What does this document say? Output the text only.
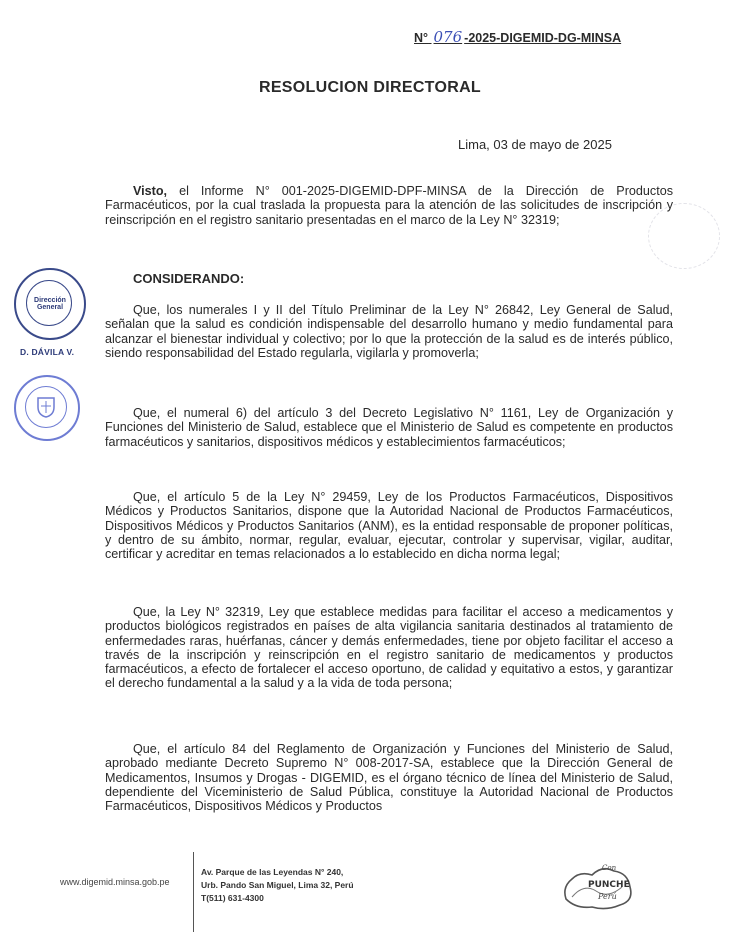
N° 076 -2025-DIGEMID-DG-MINSA
RESOLUCION DIRECTORAL
Lima, 03 de mayo de 2025

Visto, el Informe N° 001-2025-DIGEMID-DPF-MINSA de la Dirección de Productos Farmacéuticos, por la cual traslada la propuesta para la atención de las solicitudes de inscripción y reinscripción en el registro sanitario presentadas en el marco de la Ley N° 32319;

CONSIDERANDO:

Que, los numerales I y II del Título Preliminar de la Ley N° 26842, Ley General de Salud, señalan que la salud es condición indispensable del desarrollo humano y medio fundamental para alcanzar el bienestar individual y colectivo; por lo que la protección de la salud es de interés público, siendo responsabilidad del Estado regularla, vigilarla y promoverla;

Que, el numeral 6) del artículo 3 del Decreto Legislativo N° 1161, Ley de Organización y Funciones del Ministerio de Salud, establece que el Ministerio de Salud es competente en productos farmacéuticos y sanitarios, dispositivos médicos y establecimientos farmacéuticos;

Que, el artículo 5 de la Ley N° 29459, Ley de los Productos Farmacéuticos, Dispositivos Médicos y Productos Sanitarios, dispone que la Autoridad Nacional de Productos Farmacéuticos, Dispositivos Médicos y Productos Sanitarios (ANM), es la entidad responsable de proponer políticas, y dentro de su ámbito, normar, regular, evaluar, ejecutar, controlar y supervisar, vigilar, auditar, certificar y acreditar en temas relacionados a lo establecido en dicha norma legal;

Que, la Ley N° 32319, Ley que establece medidas para facilitar el acceso a medicamentos y productos biológicos registrados en países de alta vigilancia sanitaria destinados al tratamiento de enfermedades raras, huérfanas, cáncer y demás enfermedades, tiene por objeto facilitar el acceso a través de la inscripción y reinscripción en el registro sanitario de medicamentos y productos farmacéuticos, a efecto de fortalecer el acceso oportuno, de calidad y equitativo a estos, y garantizar el derecho fundamental a la salud y a la vida de toda persona;

Que, el artículo 84 del Reglamento de Organización y Funciones del Ministerio de Salud, aprobado mediante Decreto Supremo N° 008-2017-SA, establece que la Dirección General de Medicamentos, Insumos y Drogas - DIGEMID, es el órgano técnico de línea del Ministerio de Salud, dependiente del Viceministerio de Salud Pública, constituye la Autoridad Nacional de Productos Farmacéuticos, Dispositivos Médicos y Productos

Dirección
General
D. DÁVILA V.
www.digemid.minsa.gob.pe
Av. Parque de las Leyendas N° 240,
Urb. Pando San Miguel, Lima 32, Perú
T(511) 631-4300
Con
PUNCHE
Perú
